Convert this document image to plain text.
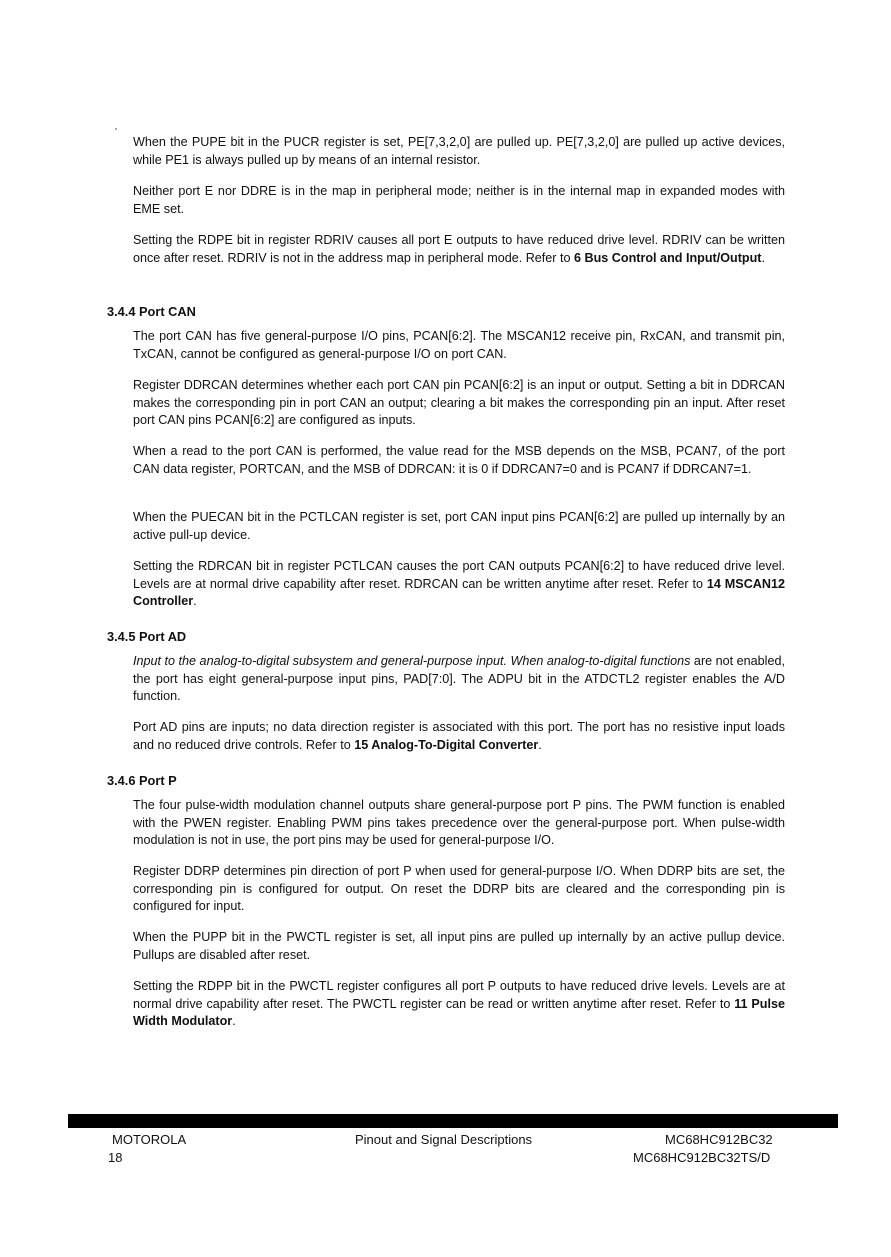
When the PUPE bit in the PUCR register is set, PE[7,3,2,0] are pulled up. PE[7,3,2,0] are pulled up active devices, while PE1 is always pulled up by means of an internal resistor.

Neither port E nor DDRE is in the map in peripheral mode; neither is in the internal map in expanded modes with EME set.

Setting the RDPE bit in register RDRIV causes all port E outputs to have reduced drive level. RDRIV can be written once after reset. RDRIV is not in the address map in peripheral mode. Refer to 6 Bus Control and Input/Output.

3.4.4 Port CAN

The port CAN has five general-purpose I/O pins, PCAN[6:2]. The MSCAN12 receive pin, RxCAN, and transmit pin, TxCAN, cannot be configured as general-purpose I/O on port CAN.

Register DDRCAN determines whether each port CAN pin PCAN[6:2] is an input or output. Setting a bit in DDRCAN makes the corresponding pin in port CAN an output; clearing a bit makes the corresponding pin an input. After reset port CAN pins PCAN[6:2] are configured as inputs.

When a read to the port CAN is performed, the value read for the MSB depends on the MSB, PCAN7, of the port CAN data register, PORTCAN, and the MSB of DDRCAN: it is 0 if DDRCAN7=0 and is PCAN7 if DDRCAN7=1.

When the PUECAN bit in the PCTLCAN register is set, port CAN input pins PCAN[6:2] are pulled up internally by an active pull-up device.

Setting the RDRCAN bit in register PCTLCAN causes the port CAN outputs PCAN[6:2] to have reduced drive level. Levels are at normal drive capability after reset. RDRCAN can be written anytime after reset. Refer to 14 MSCAN12 Controller.

3.4.5 Port AD

Input to the analog-to-digital subsystem and general-purpose input. When analog-to-digital functions are not enabled, the port has eight general-purpose input pins, PAD[7:0]. The ADPU bit in the ATDCTL2 register enables the A/D function.

Port AD pins are inputs; no data direction register is associated with this port. The port has no resistive input loads and no reduced drive controls. Refer to 15 Analog-To-Digital Converter.

3.4.6 Port P

The four pulse-width modulation channel outputs share general-purpose port P pins. The PWM function is enabled with the PWEN register. Enabling PWM pins takes precedence over the general-purpose port. When pulse-width modulation is not in use, the port pins may be used for general-purpose I/O.

Register DDRP determines pin direction of port P when used for general-purpose I/O. When DDRP bits are set, the corresponding pin is configured for output. On reset the DDRP bits are cleared and the corresponding pin is configured for input.

When the PUPP bit in the PWCTL register is set, all input pins are pulled up internally by an active pullup device. Pullups are disabled after reset.

Setting the RDPP bit in the PWCTL register configures all port P outputs to have reduced drive levels. Levels are at normal drive capability after reset. The PWCTL register can be read or written anytime after reset. Refer to 11 Pulse Width Modulator.

MOTOROLA

18

Pinout and Signal Descriptions	MC68HC912BC32

MC68HC912BC32TS/D
